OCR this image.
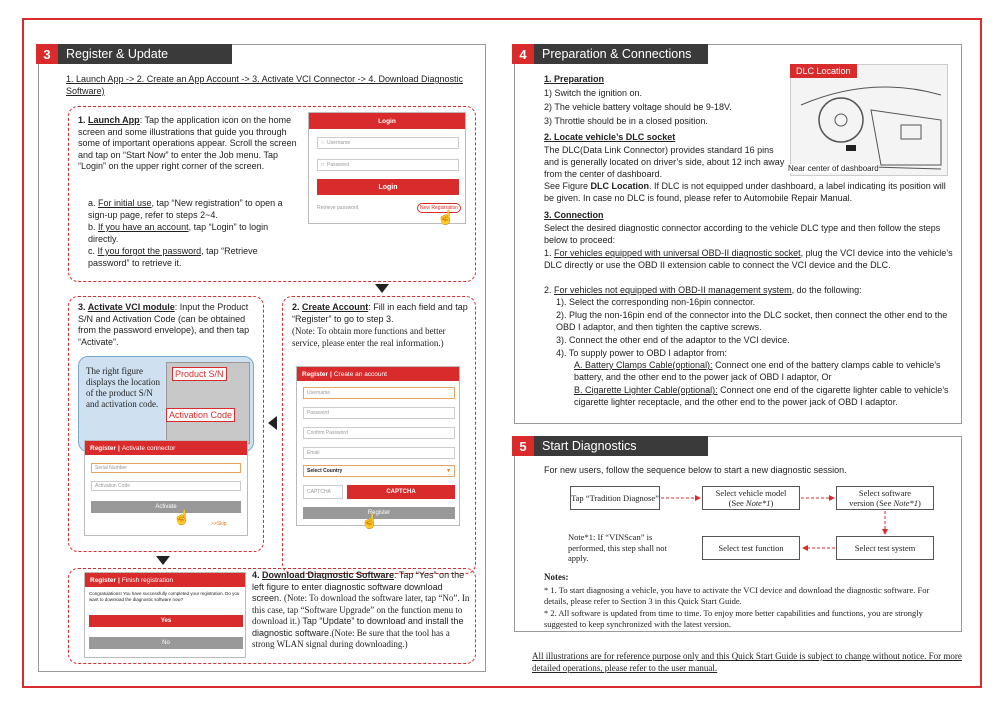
3	Register & Update
1. Launch App -> 2. Create an App Account -> 3. Activate VCI Connector -> 4. Download Diagnostic Software)
1. Launch App: Tap the application icon on the home screen and some illustrations that guide you through some of important operations appear. Scroll the screen and tap on “Start Now” to enter the Job menu. Tap “Login” on the upper right corner of the screen.
a. For initial use, tap “New registration” to open a sign-up page, refer to steps 2~4.
b. If you have an account, tap “Login” to login directly.
c. If you forgot the password, tap “Retrieve password” to retrieve it.
Login
○ Username
□ Password
Login
Retrieve password	New Registration
☝
3. Activate VCI module: Input the Product S/N and Activation Code (can be obtained from the password envelope), and then tap “Activate”.
The right figure displays the location of the product S/N and activation code.
Product S/N
Activation Code
Register | Activate connector
Serial Number
Activation Code
Activate
>>Skip
☝
2. Create Account: Fill in each field and tap “Register” to go to step 3.
(Note: To obtain more functions and better service, please enter the real information.)
Register | Create an account
Username
Password
Confirm Password
Email
Select Country	▼
CAPTCHA	CAPTCHA
Register
☝
Register | Finish registration
Congratulations! You have successfully completed your registration. Do you want to download the diagnostic software now?
Yes
No
4. Download Diagnostic Software: Tap “Yes” on the left figure to enter diagnostic software download screen. (Note: To download the software later, tap “No”. In this case, tap “Software Upgrade” on the function menu to download it.) Tap “Update” to download and install the diagnostic software.(Note: Be sure that the tool has a strong WLAN signal during downloading.)
4	Preparation & Connections
1. Preparation
1) Switch the ignition on.
2) The vehicle battery voltage should be 9-18V.
3) Throttle should be in a closed position.
DLC Location
Near center of dashboard
2. Locate vehicle’s DLC socket
The DLC(Data Link Connector) provides standard 16 pins and is generally located on driver’s side, about 12 inch away from the center of dashboard.
See Figure DLC Location. If DLC is not equipped under dashboard, a label indicating its position will be given. In case no DLC is found, please refer to Automobile Repair Manual.
3. Connection
Select the desired diagnostic connector according to the vehicle DLC type and then follow the steps below to proceed:
1. For vehicles equipped with universal OBD-II diagnostic socket, plug the VCI device into the vehicle’s DLC directly or use the OBD II extension cable to connect the VCI device and the DLC.
2. For vehicles not equipped with OBD-II management system, do the following:
1). Select the corresponding non-16pin connector.
2). Plug the non-16pin end of the connector into the DLC socket, then connect the other end to the OBD I adaptor, and then tighten the captive screws.
3). Connect the other end of the adaptor to the VCI device.
4). To supply power to OBD I adaptor from:
A. Battery Clamps Cable(optional): Connect one end of the battery clamps cable to vehicle’s battery, and the other end to the power jack of OBD I adaptor, Or
B. Cigarette Lighter Cable(optional): Connect one end of the cigarette lighter cable to vehicle’s cigarette lighter receptacle, and the other end to the power jack of OBD I adaptor.
5	Start Diagnostics
For new users, follow the sequence below to start a new diagnostic session.
Tap “Tradition Diagnose”	Select vehicle model
(See Note*1)
Select software
version (See Note*1)
Select test function	Select test system
Note*1: If “VINScan” is performed, this step shall not apply.
Notes:
* 1. To start diagnosing a vehicle, you have to activate the VCI device and download the diagnostic software. For details, please refer to Section 3 in this Quick Start Guide.
* 2. All software is updated from time to time. To enjoy more better capabilities and functions, you are strongly suggested to keep synchronized with the latest version.
All illustrations are for reference purpose only and this Quick Start Guide is subject to change without notice. For more detailed operations, please refer to the user manual.
